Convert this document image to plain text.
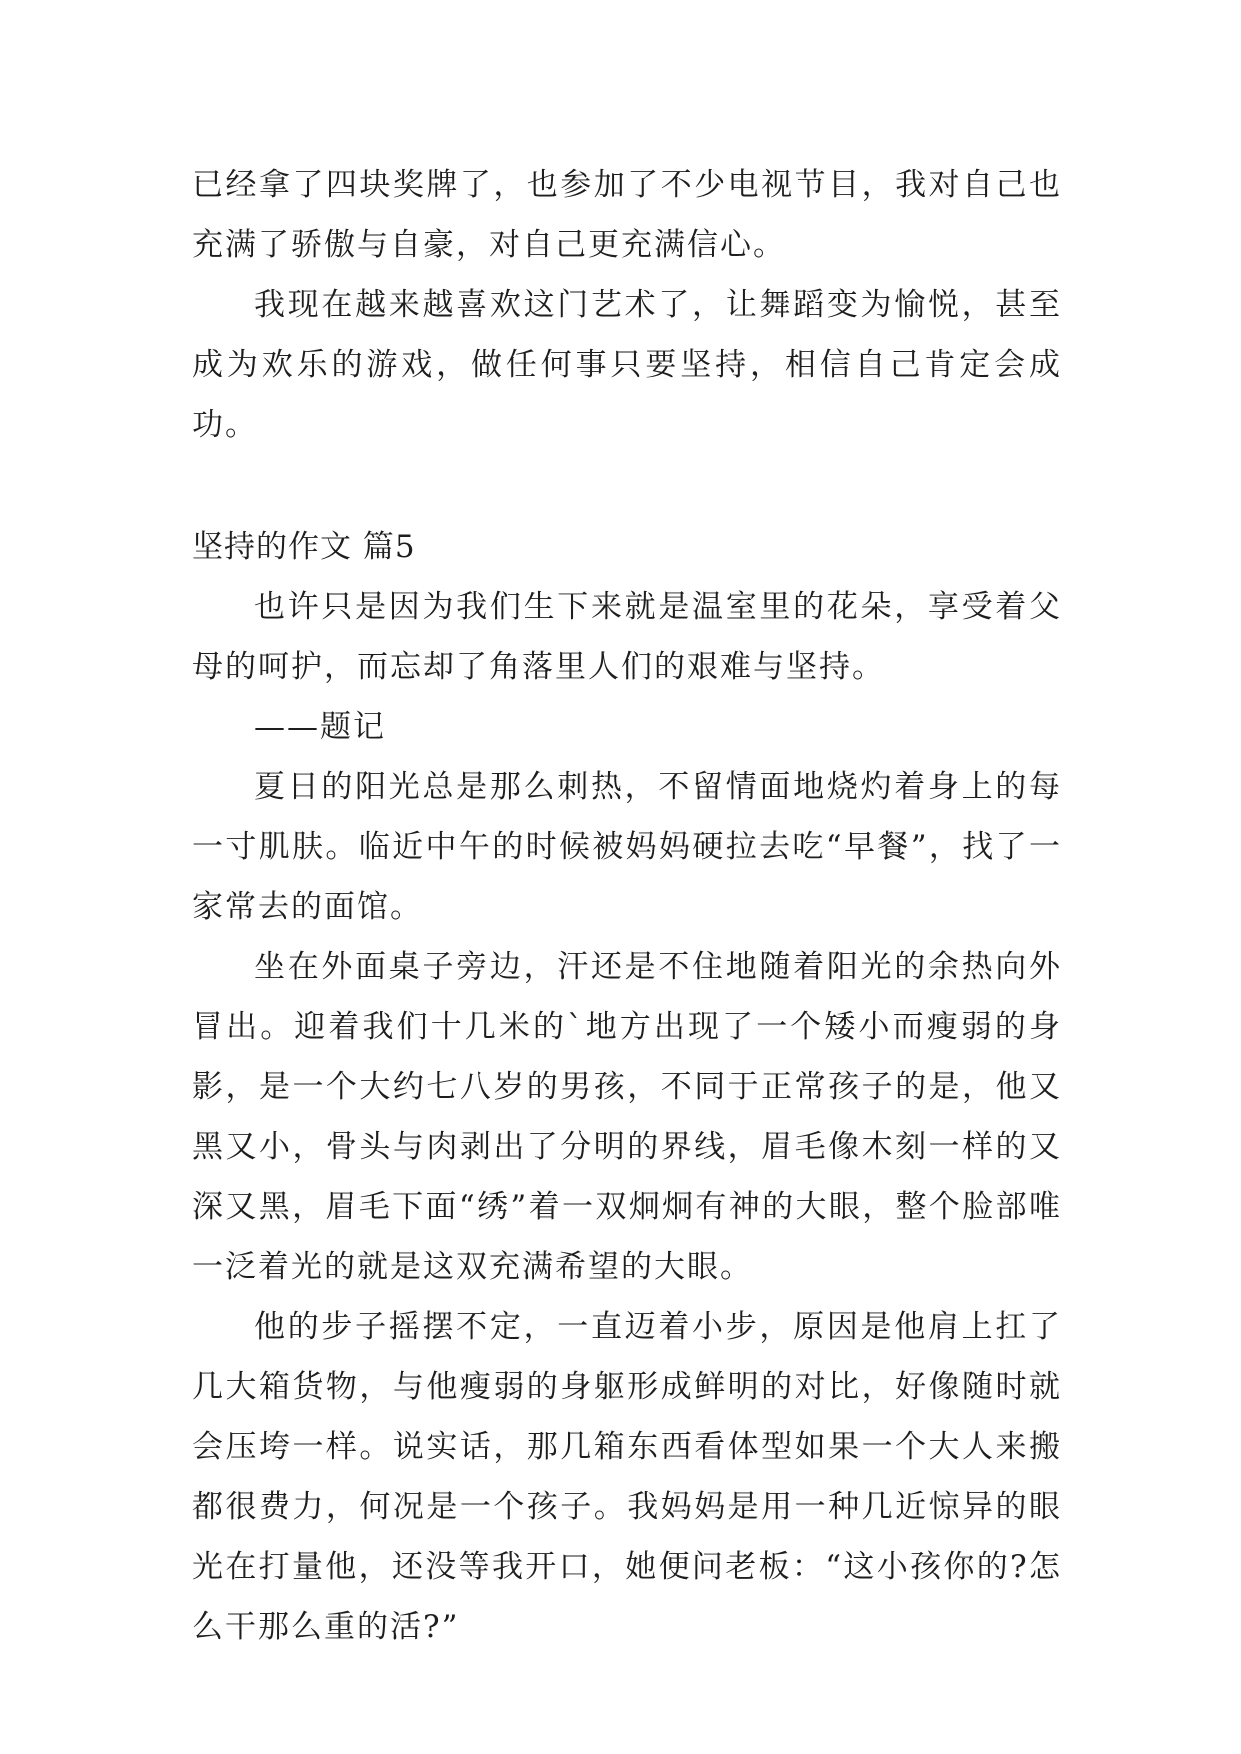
已经拿了四块奖牌了，也参加了不少电视节目，我对自己也充满了骄傲与自豪，对自己更充满信心。

我现在越来越喜欢这门艺术了，让舞蹈变为愉悦，甚至成为欢乐的游戏，做任何事只要坚持，相信自己肯定会成功。

坚持的作文 篇5

也许只是因为我们生下来就是温室里的花朵，享受着父母的呵护，而忘却了角落里人们的艰难与坚持。

——题记

夏日的阳光总是那么刺热，不留情面地烧灼着身上的每一寸肌肤。临近中午的时候被妈妈硬拉去吃“早餐”，找了一家常去的面馆。

坐在外面桌子旁边，汗还是不住地随着阳光的余热向外冒出。迎着我们十几米的`地方出现了一个矮小而瘦弱的身影，是一个大约七八岁的男孩，不同于正常孩子的是，他又黑又小，骨头与肉剥出了分明的界线，眉毛像木刻一样的又深又黑，眉毛下面“绣”着一双炯炯有神的大眼，整个脸部唯一泛着光的就是这双充满希望的大眼。

他的步子摇摆不定，一直迈着小步，原因是他肩上扛了几大箱货物，与他瘦弱的身躯形成鲜明的对比，好像随时就会压垮一样。说实话，那几箱东西看体型如果一个大人来搬都很费力，何况是一个孩子。我妈妈是用一种几近惊异的眼光在打量他，还没等我开口，她便问老板：“这小孩你的?怎么干那么重的活?”
